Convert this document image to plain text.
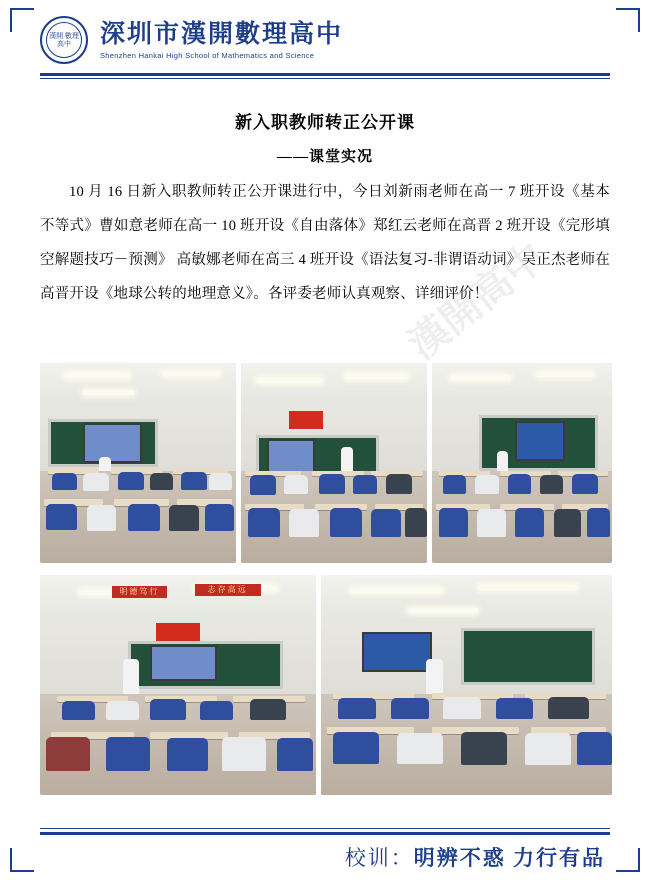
漢開 數理 高中	深圳市漢開數理高中
Shenzhen Hankai High School of Mathematics and Science
新入职教师转正公开课
——课堂实况
10 月 16 日新入职教师转正公开课进行中，今日刘新雨老师在高一 7 班开设《基本不等式》曹如意老师在高一 10 班开设《自由落体》郑红云老师在高晋 2 班开设《完形填空解题技巧－预测》 高敏娜老师在高三 4 班开设《语法复习-非谓语动词》吴正杰老师在高晋开设《地球公转的地理意义》。各评委老师认真观察、详细评价！
漢開高中
明德笃行	志存高远
校训：明辨不惑 力行有品
